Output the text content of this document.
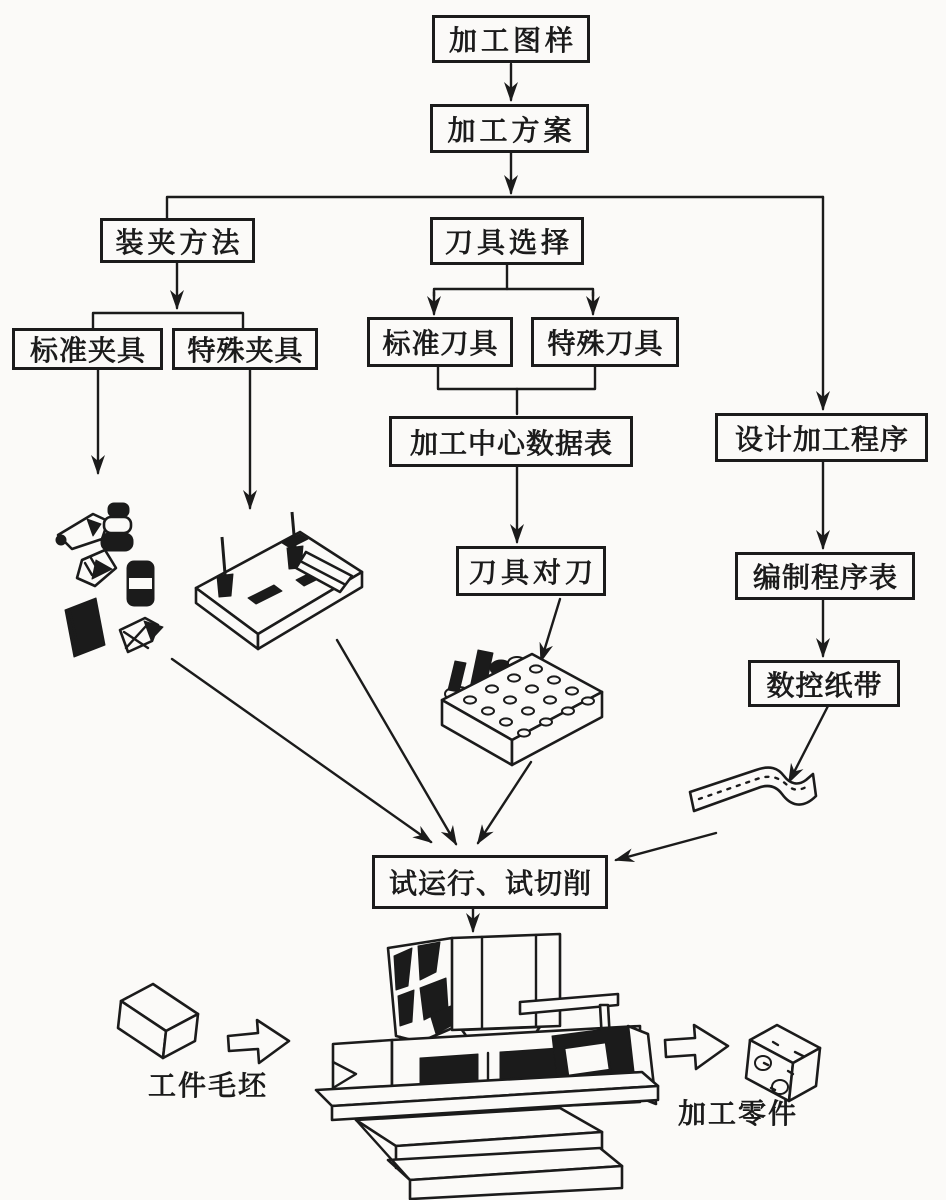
加工图样
加工方案
装夹方法
标准夹具	特殊夹具
刀具选择
标准刀具	特殊刀具
加工中心数据表	设计加工程序
刀具对刀	编制程序表
数控纸带
试运行、试切削
工件毛坯
加工零件
